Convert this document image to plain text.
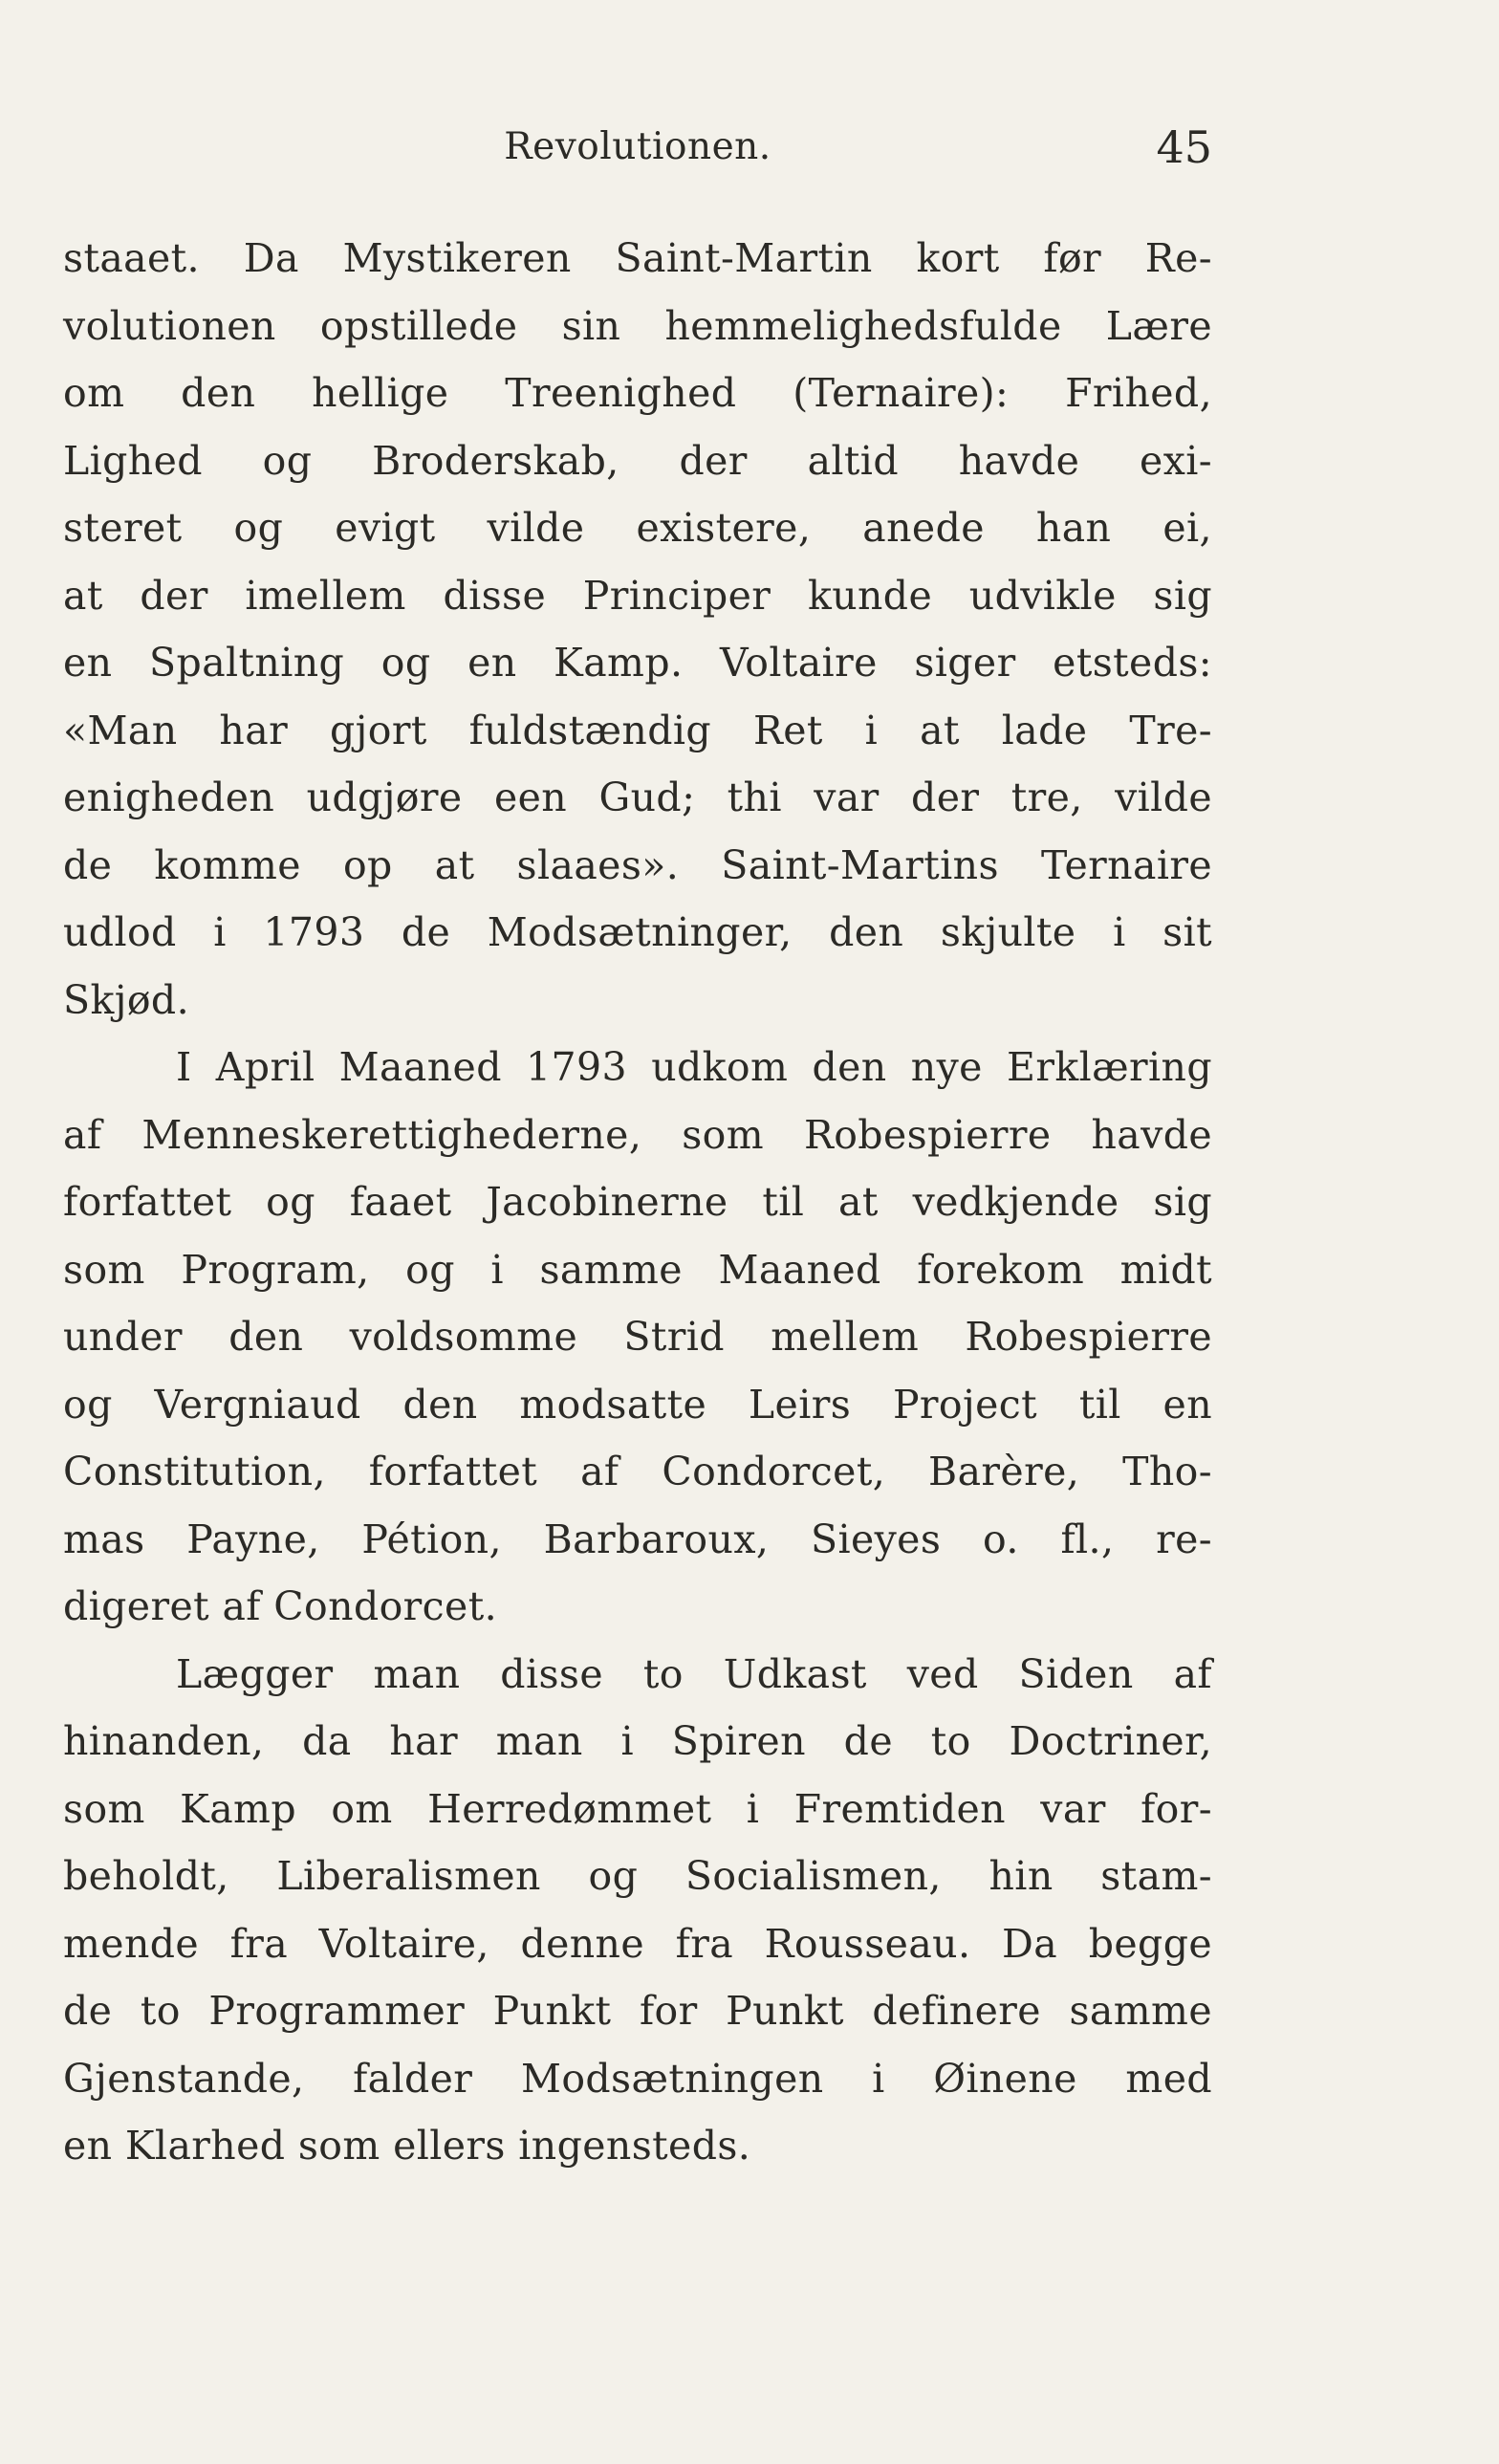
Revolutionen.	45
staaet. Da Mystikeren Saint-Martin kort før Re-
volutionen opstillede sin hemmelighedsfulde Lære
om den hellige Treenighed (Ternaire): Frihed,
Lighed og Broderskab, der altid havde exi-
steret og evigt vilde existere, anede han ei,
at der imellem disse Principer kunde udvikle sig
en Spaltning og en Kamp. Voltaire siger etsteds:
«Man har gjort fuldstændig Ret i at lade Tre-
enigheden udgjøre een Gud; thi var der tre, vilde
de komme op at slaaes». Saint-Martins Ternaire
udlod i 1793 de Modsætninger, den skjulte i sit
Skjød.
I April Maaned 1793 udkom den nye Erklæring
af Menneskerettighederne, som Robespierre havde
forfattet og faaet Jacobinerne til at vedkjende sig
som Program, og i samme Maaned forekom midt
under den voldsomme Strid mellem Robespierre
og Vergniaud den modsatte Leirs Project til en
Constitution, forfattet af Condorcet, Barère, Tho-
mas Payne, Pétion, Barbaroux, Sieyes o. fl., re-
digeret af Condorcet.
Lægger man disse to Udkast ved Siden af
hinanden, da har man i Spiren de to Doctriner,
som Kamp om Herredømmet i Fremtiden var for-
beholdt, Liberalismen og Socialismen, hin stam-
mende fra Voltaire, denne fra Rousseau. Da begge
de to Programmer Punkt for Punkt definere samme
Gjenstande, falder Modsætningen i Øinene med
en Klarhed som ellers ingensteds.
